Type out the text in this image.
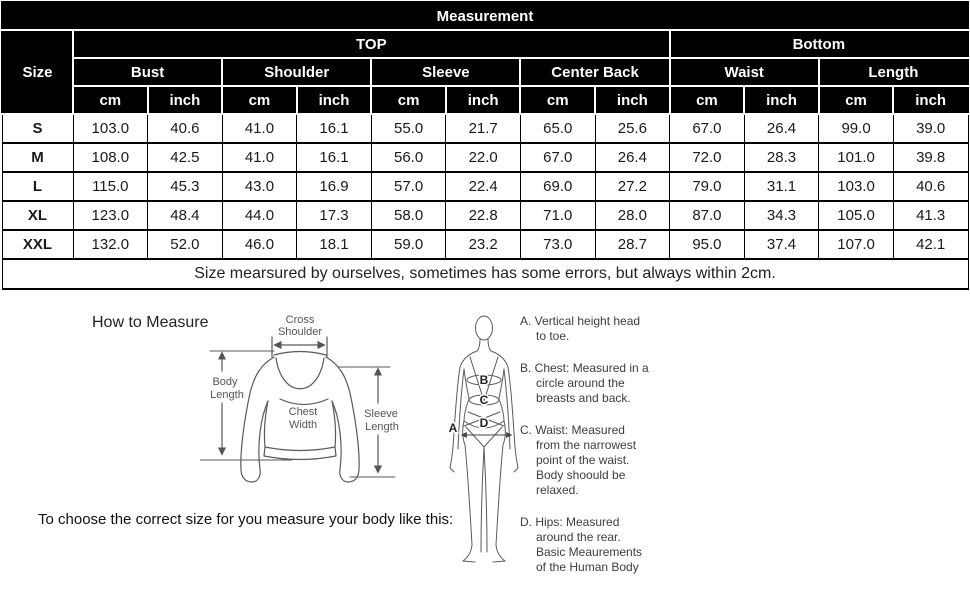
Measurement												
Size	TOP								Bottom			
	Bust		Shoulder		Sleeve		Center Back		Waist		Length	
	cm	inch	cm	inch	cm	inch	cm	inch	cm	inch	cm	inch
S	103.0	40.6	41.0	16.1	55.0	21.7	65.0	25.6	67.0	26.4	99.0	39.0
M	108.0	42.5	41.0	16.1	56.0	22.0	67.0	26.4	72.0	28.3	101.0	39.8
L	115.0	45.3	43.0	16.9	57.0	22.4	69.0	27.2	79.0	31.1	103.0	40.6
XL	123.0	48.4	44.0	17.3	58.0	22.8	71.0	28.0	87.0	34.3	105.0	41.3
XXL	132.0	52.0	46.0	18.1	59.0	23.2	73.0	28.7	95.0	37.4	107.0	42.1
Size mearsured by ourselves, sometimes has some errors, but always within 2cm.												
How to Measure	Cross
Shoulder
Body
Length
Chest
Width
Sleeve
Length
B
C
D
A
A. Vertical height head
to toe.
B. Chest: Measured in a
circle around the
breasts and back.
C. Waist: Measured
from the narrowest
point of the waist.
Body shoould be
relaxed.
D. Hips: Measured
around the rear.
Basic Meaurements
of the Human Body
To choose the correct size for you measure your body like this:
